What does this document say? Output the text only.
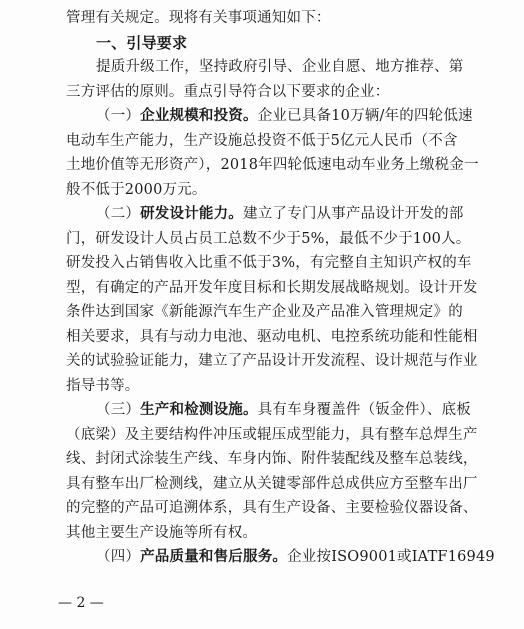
管理有关规定。现将有关事项通知如下：
一、引导要求
提质升级工作，坚持政府引导、企业自愿、地方推荐、第
三方评估的原则。重点引导符合以下要求的企业：
（一）企业规模和投资。企业已具备10万辆/年的四轮低速
电动车生产能力，生产设施总投资不低于5亿元人民币（不含
土地价值等无形资产），2018年四轮低速电动车业务上缴税金一
般不低于2000万元。
（二）研发设计能力。建立了专门从事产品设计开发的部
门，研发设计人员占员工总数不少于5%，最低不少于100人。
研发投入占销售收入比重不低于3%，有完整自主知识产权的车
型，有确定的产品开发年度目标和长期发展战略规划。设计开发
条件达到国家《新能源汽车生产企业及产品准入管理规定》的
相关要求，具有与动力电池、驱动电机、电控系统功能和性能相
关的试验验证能力，建立了产品设计开发流程、设计规范与作业
指导书等。
（三）生产和检测设施。具有车身覆盖件（钣金件）、底板
（底梁）及主要结构件冲压或辊压成型能力，具有整车总焊生产
线、封闭式涂装生产线、车身内饰、附件装配线及整车总装线，
具有整车出厂检测线，建立从关键零部件总成供应方至整车出厂
的完整的产品可追溯体系，具有生产设备、主要检验仪器设备、
其他主要生产设施等所有权。
（四）产品质量和售后服务。企业按ISO9001或IATF16949
— 2 —
